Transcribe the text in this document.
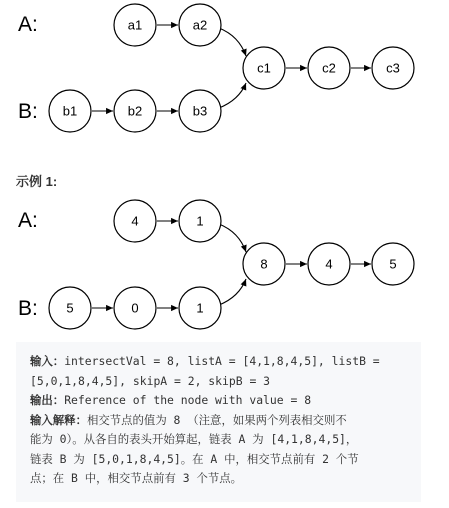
A:
B:
a1	a2
b1	b2	b3
c1	c2	c3
A:
B:
4	1
5	0	1
8	4	5
示例 1:
输入：intersectVal = 8, listA = [4,1,8,4,5], listB =
[5,0,1,8,4,5], skipA = 2, skipB = 3
输出：Reference of the node with value = 8
输入解释：相交节点的值为 8 （注意，如果两个列表相交则不
能为 0）。从各自的表头开始算起，链表 A 为 [4,1,8,4,5]，
链表 B 为 [5,0,1,8,4,5]。在 A 中，相交节点前有 2 个节
点；在 B 中，相交节点前有 3 个节点。
